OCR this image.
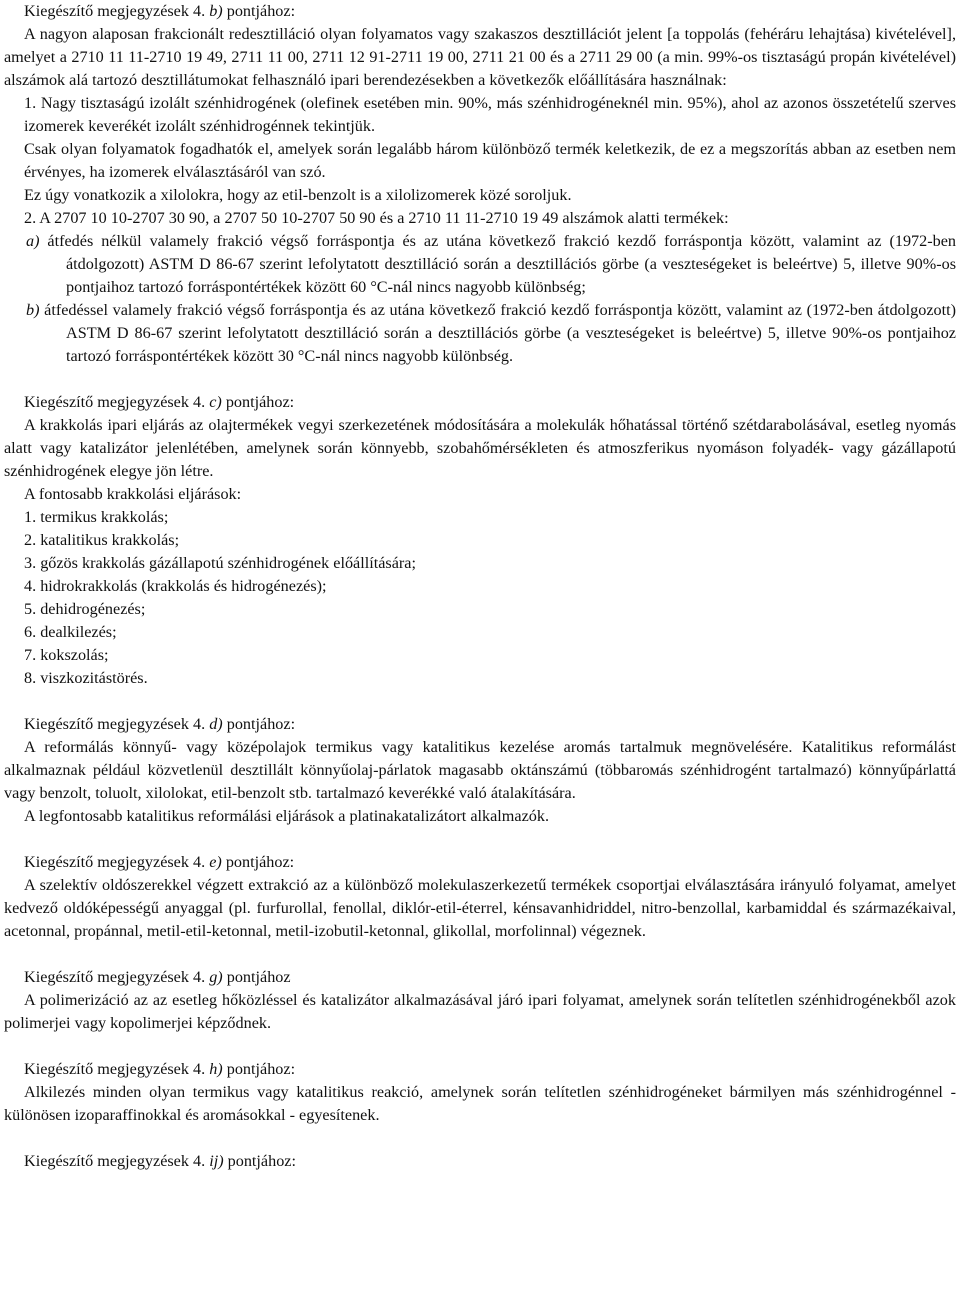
Kiegészítő megjegyzések 4. b) pontjához:
A nagyon alaposan frakcionált redesztilláció olyan folyamatos vagy szakaszos desztillációt jelent [a toppolás (fehéráru lehajtása) kivételével], amelyet a 2710 11 11-2710 19 49, 2711 11 00, 2711 12 91-2711 19 00, 2711 21 00 és a 2711 29 00 (a min. 99%-os tisztaságú propán kivételével) alszámok alá tartozó desztillátumokat felhasználó ipari berendezésekben a következők előállítására használnak:
1. Nagy tisztaságú izolált szénhidrogének (olefinek esetében min. 90%, más szénhidrogéneknél min. 95%), ahol az azonos összetételű szerves izomerek keverékét izolált szénhidrogénnek tekintjük.
Csak olyan folyamatok fogadhatók el, amelyek során legalább három különböző termék keletkezik, de ez a megszorítás abban az esetben nem érvényes, ha izomerek elválasztásáról van szó.
Ez úgy vonatkozik a xilolokra, hogy az etil-benzolt is a xilolizomerek közé soroljuk.
2. A 2707 10 10-2707 30 90, a 2707 50 10-2707 50 90 és a 2710 11 11-2710 19 49 alszámok alatti termékek:
a) átfedés nélkül valamely frakció végső forráspontja és az utána következő frakció kezdő forráspontja között, valamint az (1972-ben átdolgozott) ASTM D 86-67 szerint lefolytatott desztilláció során a desztillációs görbe (a veszteségeket is beleértve) 5, illetve 90%-os pontjaihoz tartozó forráspontértékek között 60 °C-nál nincs nagyobb különbség;
b) átfedéssel valamely frakció végső forráspontja és az utána következő frakció kezdő forráspontja között, valamint az (1972-ben átdolgozott) ASTM D 86-67 szerint lefolytatott desztilláció során a desztillációs görbe (a veszteségeket is beleértve) 5, illetve 90%-os pontjaihoz tartozó forráspontértékek között 30 °C-nál nincs nagyobb különbség.
Kiegészítő megjegyzések 4. c) pontjához:
A krakkolás ipari eljárás az olajtermékek vegyi szerkezetének módosítására a molekulák hőhatással történő szétdarabolásával, esetleg nyomás alatt vagy katalizátor jelenlétében, amelynek során könnyebb, szobahőmérsékleten és atmoszferikus nyomáson folyadék- vagy gázállapotú szénhidrogének elegye jön létre.
A fontosabb krakkolási eljárások:
1. termikus krakkolás;
2. katalitikus krakkolás;
3. gőzös krakkolás gázállapotú szénhidrogének előállítására;
4. hidrokrakkolás (krakkolás és hidrogénezés);
5. dehidrogénezés;
6. dealkilezés;
7. kokszolás;
8. viszkozitástörés.
Kiegészítő megjegyzések 4. d) pontjához:
A reformálás könnyű- vagy középolajok termikus vagy katalitikus kezelése aromás tartalmuk megnövelésére. Katalitikus reformálást alkalmaznak például közvetlenül desztillált könnyűolaj-párlatok magasabb oktánszámú (többarомás szénhidrogént tartalmazó) könnyűpárlattá vagy benzolt, toluolt, xilolokat, etil-benzolt stb. tartalmazó keverékké való átalakítására.
A legfontosabb katalitikus reformálási eljárások a platinakatalizátort alkalmazók.
Kiegészítő megjegyzések 4. e) pontjához:
A szelektív oldószerekkel végzett extrakció az a különböző molekulaszerkezetű termékek csoportjai elválasztására irányuló folyamat, amelyet kedvező oldóképességű anyaggal (pl. furfurollal, fenollal, diklór-etil-éterrel, kénsavanhidriddel, nitro-benzollal, karbamiddal és származékaival, acetonnal, propánnal, metil-etil-ketonnal, metil-izobutil-ketonnal, glikollal, morfolinnal) végeznek.
Kiegészítő megjegyzések 4. g) pontjához
A polimerizáció az az esetleg hőközléssel és katalizátor alkalmazásával járó ipari folyamat, amelynek során telítetlen szénhidrogénekből azok polimerjei vagy kopolimerjei képződnek.
Kiegészítő megjegyzések 4. h) pontjához:
Alkilezés minden olyan termikus vagy katalitikus reakció, amelynek során telítetlen szénhidrogéneket bármilyen más szénhidrogénnel - különösen izoparaffinokkal és aromásokkal - egyesítenek.
Kiegészítő megjegyzések 4. ij) pontjához:
